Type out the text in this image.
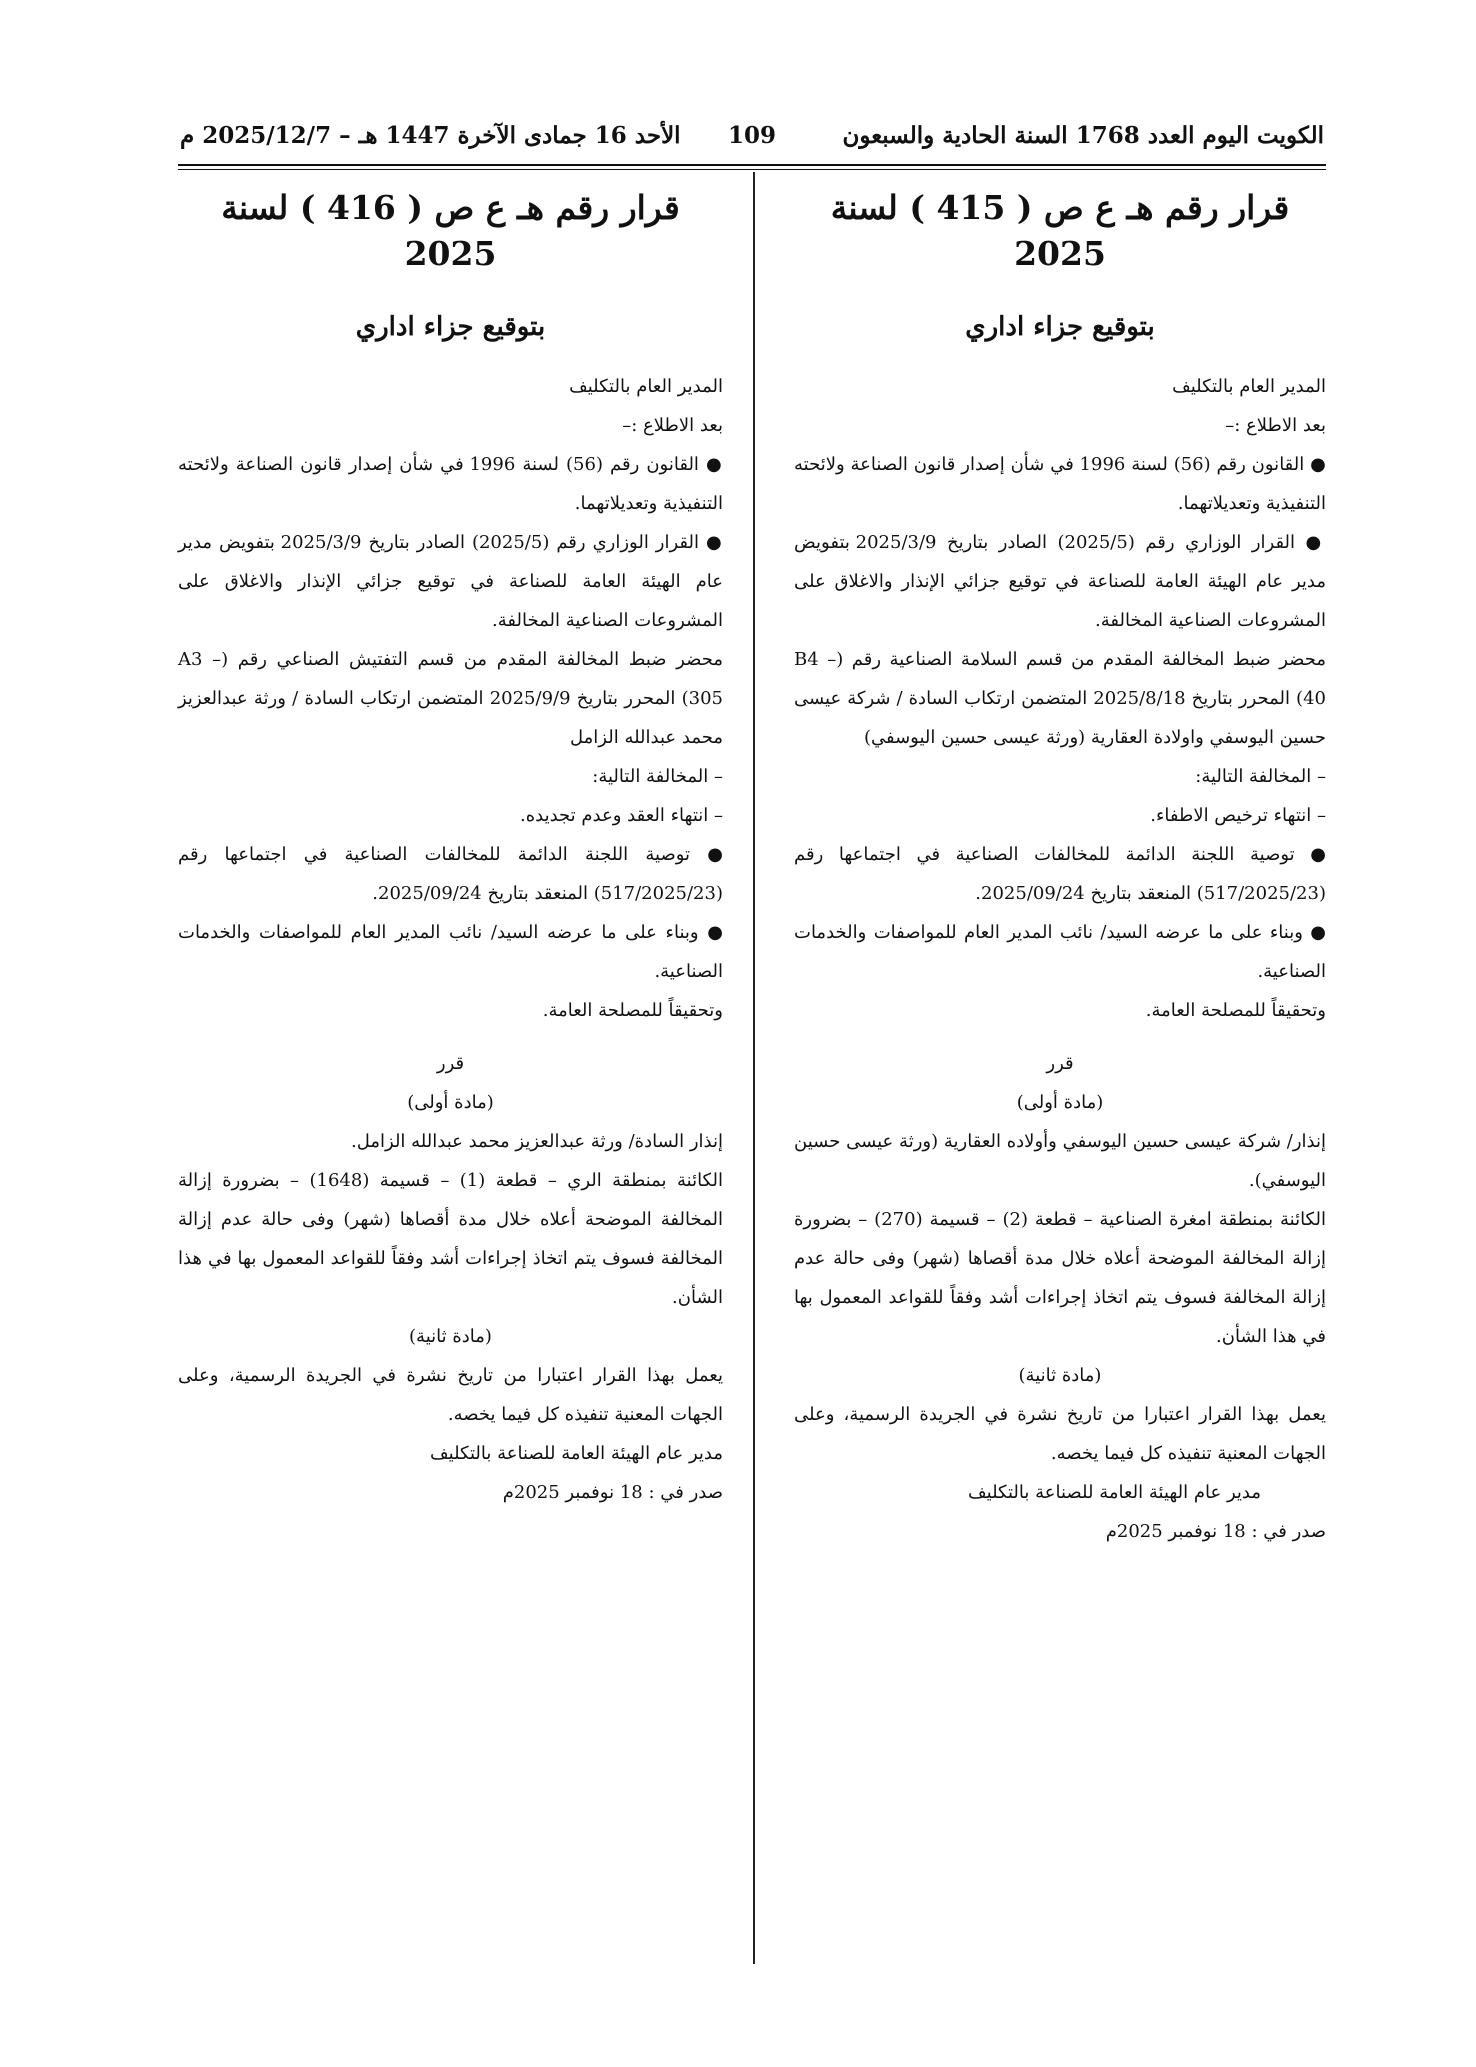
الكويت اليوم العدد 1768 السنة الحادية والسبعون
109
الأحد 16 جمادى الآخرة 1447 هـ – 2025/12/7 م

قرار رقم هـ ع ص ( 415 ) لسنة 2025

بتوقيع جزاء اداري

المدير العام بالتكليف

بعد الاطلاع :–

● القانون رقم (56) لسنة 1996 في شأن إصدار قانون الصناعة ولائحته التنفيذية وتعديلاتهما.

● القرار الوزاري رقم (2025/5) الصادر بتاريخ 2025/3/9 بتفويض مدير عام الهيئة العامة للصناعة في توقيع جزائي الإنذار والاغلاق على المشروعات الصناعية المخالفة.

محضر ضبط المخالفة المقدم من قسم السلامة الصناعية رقم (B4 – 40) المحرر بتاريخ 2025/8/18 المتضمن ارتكاب السادة / شركة عيسى حسين اليوسفي واولادة العقارية (ورثة عيسى حسين اليوسفي)

– المخالفة التالية:

– انتهاء ترخيص الاطفاء.

● توصية اللجنة الدائمة للمخالفات الصناعية في اجتماعها رقم (517/2025/23) المنعقد بتاريخ 2025/09/24.

● وبناء على ما عرضه السيد/ نائب المدير العام للمواصفات والخدمات الصناعية.

وتحقيقاً للمصلحة العامة.

قرر

(مادة أولى)

إنذار/ شركة عيسى حسين اليوسفي وأولاده العقارية (ورثة عيسى حسين اليوسفي).

الكائنة بمنطقة امغرة الصناعية – قطعة (2) – قسيمة (270) – بضرورة إزالة المخالفة الموضحة أعلاه خلال مدة أقصاها (شهر) وفى حالة عدم إزالة المخالفة فسوف يتم اتخاذ إجراءات أشد وفقاً للقواعد المعمول بها في هذا الشأن.

(مادة ثانية)

يعمل بهذا القرار اعتبارا من تاريخ نشرة في الجريدة الرسمية، وعلى الجهات المعنية تنفيذه كل فيما يخصه.

مدير عام الهيئة العامة للصناعة بالتكليف

صدر في : 18 نوفمبر 2025م

قرار رقم هـ ع ص ( 416 ) لسنة 2025

بتوقيع جزاء اداري

المدير العام بالتكليف

بعد الاطلاع :–

● القانون رقم (56) لسنة 1996 في شأن إصدار قانون الصناعة ولائحته التنفيذية وتعديلاتهما.

● القرار الوزاري رقم (2025/5) الصادر بتاريخ 2025/3/9 بتفويض مدير عام الهيئة العامة للصناعة في توقيع جزائي الإنذار والاغلاق على المشروعات الصناعية المخالفة.

محضر ضبط المخالفة المقدم من قسم التفتيش الصناعي رقم (A3 – 305) المحرر بتاريخ 2025/9/9 المتضمن ارتكاب السادة / ورثة عبدالعزيز محمد عبدالله الزامل

– المخالفة التالية:

– انتهاء العقد وعدم تجديده.

● توصية اللجنة الدائمة للمخالفات الصناعية في اجتماعها رقم (517/2025/23) المنعقد بتاريخ 2025/09/24.

● وبناء على ما عرضه السيد/ نائب المدير العام للمواصفات والخدمات الصناعية.

وتحقيقاً للمصلحة العامة.

قرر

(مادة أولى)

إنذار السادة/ ورثة عبدالعزيز محمد عبدالله الزامل.

الكائنة بمنطقة الري – قطعة (1) – قسيمة (1648) – بضرورة إزالة المخالفة الموضحة أعلاه خلال مدة أقصاها (شهر) وفى حالة عدم إزالة المخالفة فسوف يتم اتخاذ إجراءات أشد وفقاً للقواعد المعمول بها في هذا الشأن.

(مادة ثانية)

يعمل بهذا القرار اعتبارا من تاريخ نشرة في الجريدة الرسمية، وعلى الجهات المعنية تنفيذه كل فيما يخصه.

مدير عام الهيئة العامة للصناعة بالتكليف

صدر في : 18 نوفمبر 2025م
